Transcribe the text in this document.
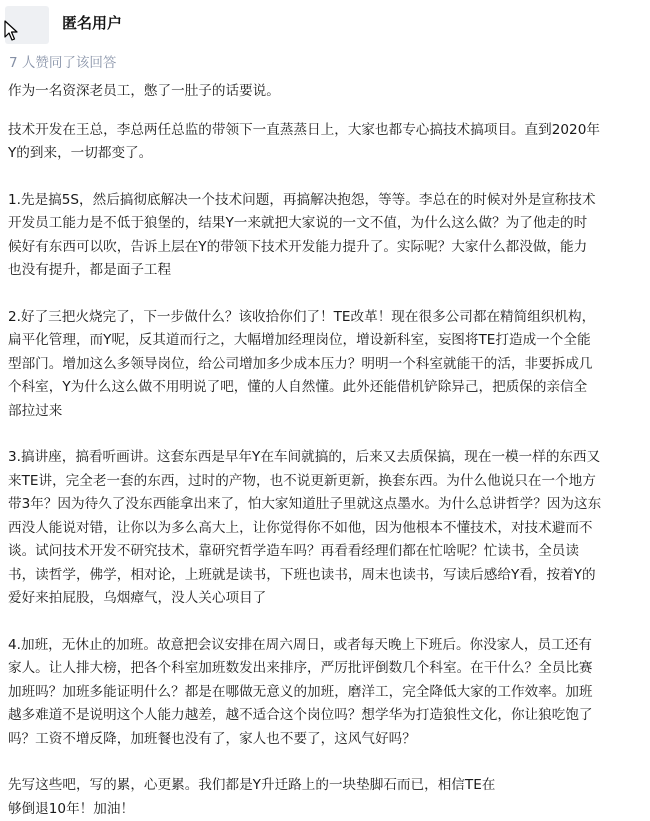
匿名用户
7 人赞同了该回答

作为一名资深老员工，憋了一肚子的话要说。

技术开发在王总，李总两任总监的带领下一直蒸蒸日上，大家也都专心搞技术搞项目。直到2020年
Y的到来，一切都变了。

1.先是搞5S，然后搞彻底解决一个技术问题，再搞解决抱怨，等等。李总在的时候对外是宣称技术
开发员工能力是不低于狼堡的，结果Y一来就把大家说的一文不值，为什么这么做？为了他走的时
候好有东西可以吹，告诉上层在Y的带领下技术开发能力提升了。实际呢？大家什么都没做，能力
也没有提升，都是面子工程

2.好了三把火烧完了，下一步做什么？该收拾你们了！TE改革！现在很多公司都在精简组织机构，
扁平化管理，而Y呢，反其道而行之，大幅增加经理岗位，增设新科室，妄图将TE打造成一个全能
型部门。增加这么多领导岗位，给公司增加多少成本压力？明明一个科室就能干的活，非要拆成几
个科室，Y为什么这么做不用明说了吧，懂的人自然懂。此外还能借机铲除异己，把质保的亲信全
部拉过来

3.搞讲座，搞看听画讲。这套东西是早年Y在车间就搞的，后来又去质保搞，现在一模一样的东西又
来TE讲，完全老一套的东西，过时的产物，也不说更新更新，换套东西。为什么他说只在一个地方
带3年？因为待久了没东西能拿出来了，怕大家知道肚子里就这点墨水。为什么总讲哲学？因为这东
西没人能说对错，让你以为多么高大上，让你觉得你不如他，因为他根本不懂技术，对技术避而不
谈。试问技术开发不研究技术，靠研究哲学造车吗？再看看经理们都在忙啥呢？忙读书，全员读
书，读哲学，佛学，相对论，上班就是读书，下班也读书，周末也读书，写读后感给Y看，按着Y的
爱好来拍屁股，乌烟瘴气，没人关心项目了

4.加班，无休止的加班。故意把会议安排在周六周日，或者每天晚上下班后。你没家人，员工还有
家人。让人排大榜，把各个科室加班数发出来排序，严厉批评倒数几个科室。在干什么？全员比赛
加班吗？加班多能证明什么？都是在哪做无意义的加班，磨洋工，完全降低大家的工作效率。加班
越多难道不是说明这个人能力越差，越不适合这个岗位吗？想学华为打造狼性文化，你让狼吃饱了
吗？工资不增反降，加班餐也没有了，家人也不要了，这风气好吗？

先写这些吧，写的累，心更累。我们都是Y升迁路上的一块垫脚石而已，相信TE在
够倒退10年！加油！
